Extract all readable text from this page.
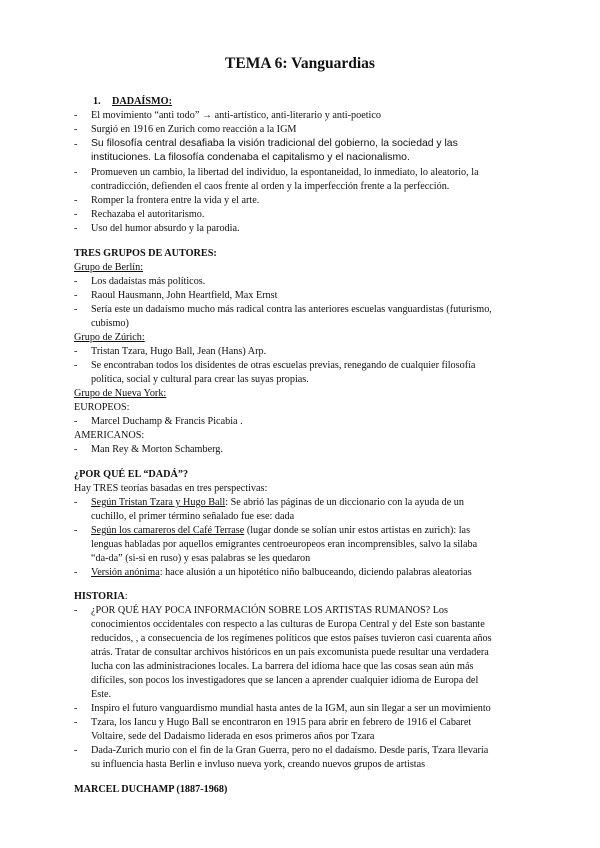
TEMA 6: Vanguardias
1. DADAÍSMO:
- El movimiento “anti todo” → anti-artístico, anti-literario y anti-poetico
- Surgió en 1916 en Zurich como reacción a la IGM
- Su filosofía central desafiaba la visión tradicional del gobierno, la sociedad y las
instituciones. La filosofía condenaba el capitalismo y el nacionalismo.
- Promueven un cambio, la libertad del individuo, la espontaneidad, lo inmediato, lo aleatorio, la
contradicción, defienden el caos frente al orden y la imperfección frente a la perfección.
- Romper la frontera entre la vida y el arte.
- Rechazaba el autoritarismo.
- Uso del humor absurdo y la parodia.
TRES GRUPOS DE AUTORES:
Grupo de Berlín:
- Los dadaístas más políticos.
- Raoul Hausmann, John Heartfield, Max Ernst
- Sería este un dadaísmo mucho más radical contra las anteriores escuelas vanguardistas (futurismo,
cubismo)
Grupo de Zúrich:
- Tristan Tzara, Hugo Ball, Jean (Hans) Arp.
- Se encontraban todos los disidentes de otras escuelas previas, renegando de cualquier filosofía
política, social y cultural para crear las suyas propias.
Grupo de Nueva York:
EUROPEOS:
- Marcel Duchamp & Francis Picabia .
AMERICANOS:
- Man Rey & Morton Schamberg.
¿POR QUÉ EL “DADÁ”?
Hay TRES teorías basadas en tres perspectivas:
- Según Tristan Tzara y Hugo Ball: Se abrió las páginas de un diccionario con la ayuda de un
cuchillo, el primer término señalado fue ese: dada
- Según los camareros del Café Terrase (lugar donde se solían unir estos artistas en zurich): las
lenguas habladas por aquellos emigrantes centroeuropeos eran incomprensibles, salvo la silaba
“da-da” (si-si en ruso) y esas palabras se les quedaron
- Versión anónima: hace alusión a un hipotético niño balbuceando, diciendo palabras aleatorias
HISTORIA:
- ¿POR QUÉ HAY POCA INFORMACIÓN SOBRE LOS ARTISTAS RUMANOS? Los
conocimientos occidentales con respecto a las culturas de Europa Central y del Este son bastante
reducidos, , a consecuencia de los regímenes políticos que estos países tuvieron casi cuarenta años
atrás. Tratar de consultar archivos históricos en un país excomunista puede resultar una verdadera
lucha con las administraciones locales. La barrera del idioma hace que las cosas sean aún más
difíciles, son pocos los investigadores que se lancen a aprender cualquier idioma de Europa del
Este.
- Inspiro el futuro vanguardismo mundial hasta antes de la IGM, aun sin llegar a ser un movimiento
- Tzara, los Iancu y Hugo Ball se encontraron en 1915 para abrir en febrero de 1916 el Cabaret
Voltaire, sede del Dadaismo liderada en esos primeros años por Tzara
- Dada-Zurich murio con el fin de la Gran Guerra, pero no el dadaísmo. Desde parís, Tzara llevaría
su influencia hasta Berlin e invluso nueva york, creando nuevos grupos de artistas
MARCEL DUCHAMP (1887-1968)
